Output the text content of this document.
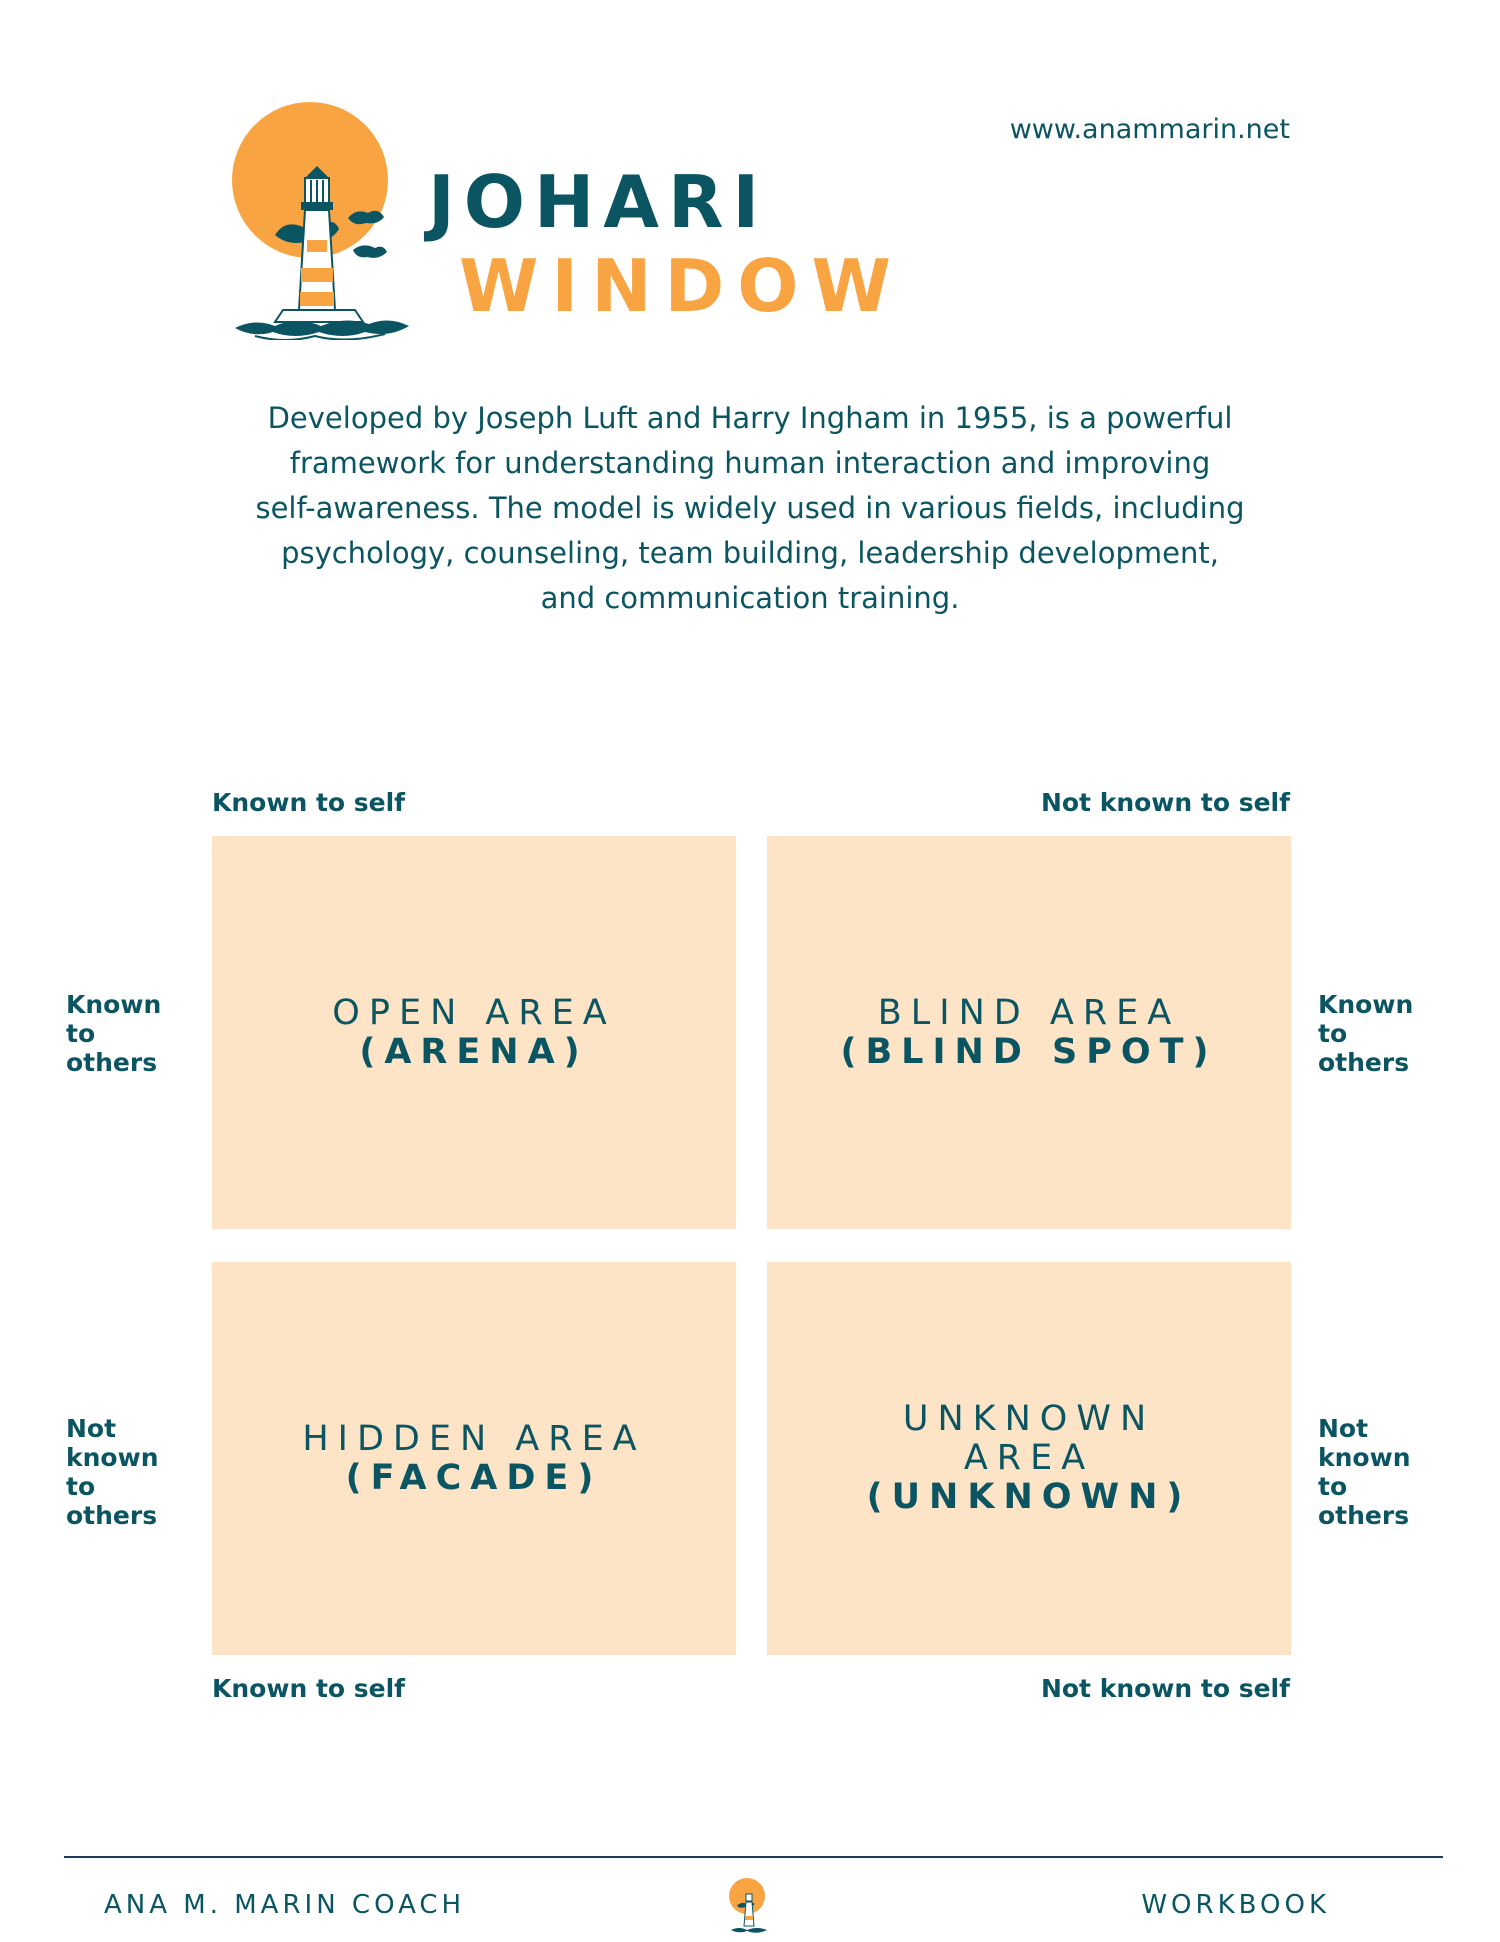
www.anammarin.net
JOHARI
WINDOW
Developed by Joseph Luft and Harry Ingham in 1955, is a powerful
framework for understanding human interaction and improving
self-awareness. The model is widely used in various fields, including
psychology, counseling, team building, leadership development,
and communication training.
Known to self	Not known to self
OPEN AREA
(ARENA)
BLIND AREA
(BLIND SPOT)
HIDDEN AREA
(FACADE)
UNKNOWN
AREA
(UNKNOWN)
Known
to
others
Known
to
others
Not
known
to
others
Not
known
to
others
Known to self	Not known to self
ANA M. MARIN COACH	WORKBOOK
